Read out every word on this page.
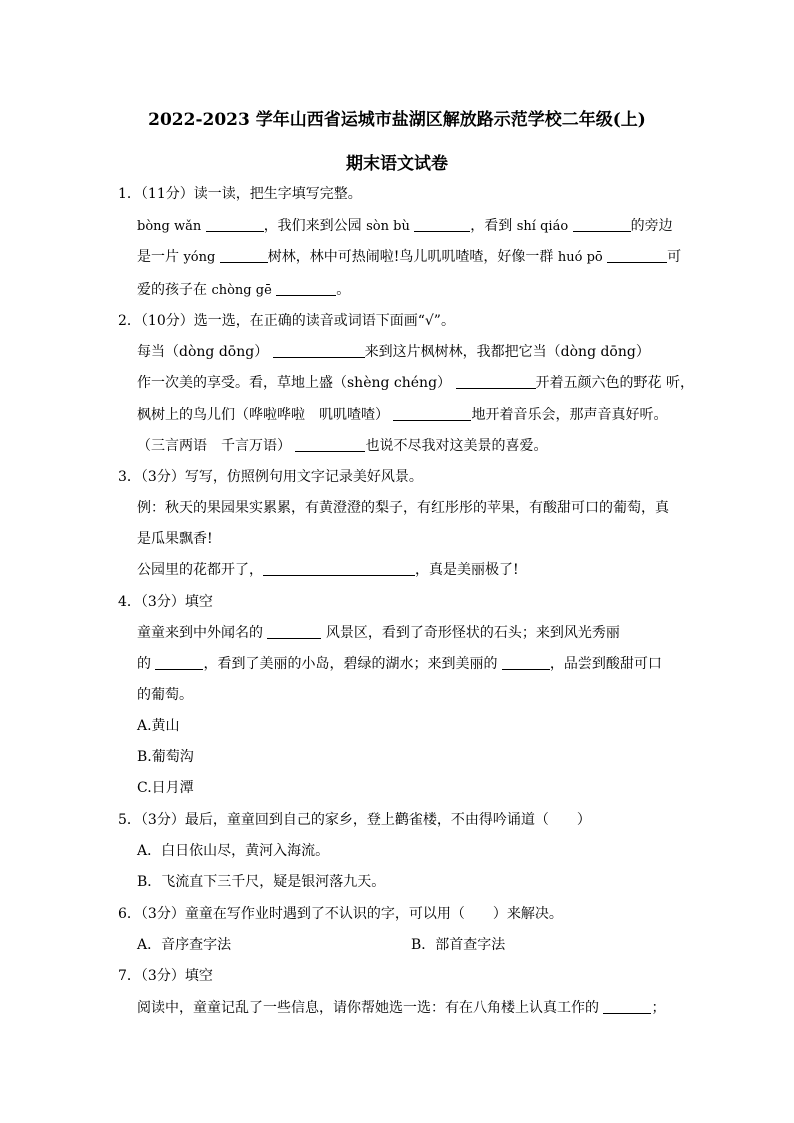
2022-2023 学年山西省运城市盐湖区解放路示范学校二年级(上)
期末语文试卷
1．（11分）读一读，把生字填写完整。
bòng wǎn	，我们来到公园 sòn bù	，看到 shí qiáo	的旁边
是一片 yóng	树林，林中可热闹啦!鸟儿叽叽喳喳，好像一群 huó pō	可
爱的孩子在 chòng gē	。
2．（10分）选一选，在正确的读音或词语下面画“√”。
每当（dòng dōng）	来到这片枫树林，我都把它当（dòng dōng）
作一次美的享受。看，草地上盛（shèng chéng）	开着五颜六色的野花 听，
枫树上的鸟儿们（哗啦哗啦　叽叽喳喳）	地开着音乐会，那声音真好听。
（三言两语　千言万语）	也说不尽我对这美景的喜爱。
3．（3分）写写，仿照例句用文字记录美好风景。
例：秋天的果园果实累累，有黄澄澄的梨子，有红彤彤的苹果，有酸甜可口的葡萄，真
是瓜果飘香!
公园里的花都开了，	，真是美丽极了!
4．（3分）填空
童童来到中外闻名的	风景区，看到了奇形怪状的石头；来到风光秀丽
的	，看到了美丽的小岛，碧绿的湖水；来到美丽的	，品尝到酸甜可口
的葡萄。
A.黄山
B.葡萄沟
C.日月潭
5．（3分）最后，童童回到自己的家乡，登上鹳雀楼，不由得吟诵道（　　）
A．白日依山尽，黄河入海流。
B．飞流直下三千尺，疑是银河落九天。
6．（3分）童童在写作业时遇到了不认识的字，可以用（　　）来解决。
A．音序查字法	B．部首查字法
7．（3分）填空
阅读中，童童记乱了一些信息，请你帮她选一选：有在八角楼上认真工作的	；
